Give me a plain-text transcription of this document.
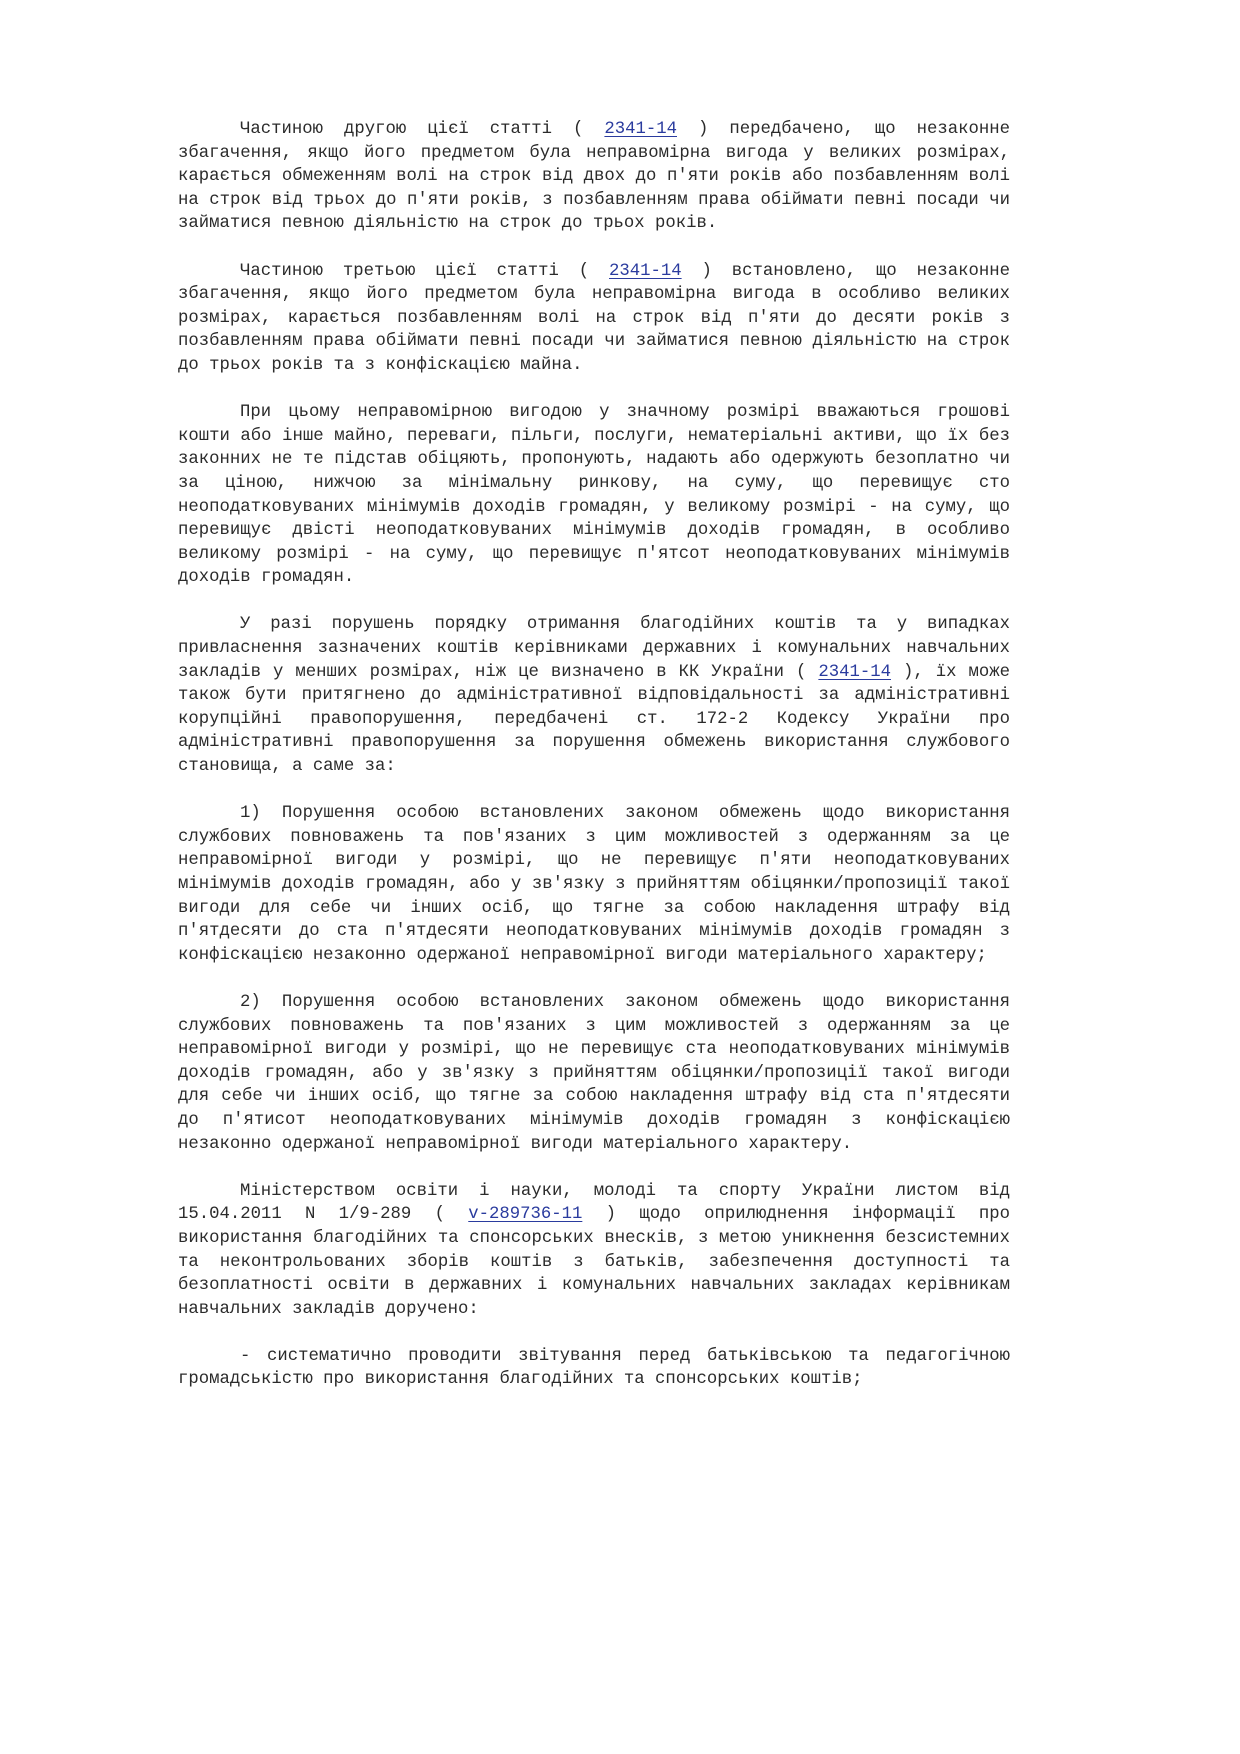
Частиною другою цієї статті ( 2341-14 ) передбачено, що незаконне збагачення, якщо його предметом була неправомірна вигода у великих розмірах, карається обмеженням волі на строк від двох до п'яти років або позбавленням волі на строк від трьох до п'яти років, з позбавленням права обіймати певні посади чи займатися певною діяльністю на строк до трьох років.

Частиною третьою цієї статті ( 2341-14 ) встановлено, що незаконне збагачення, якщо його предметом була неправомірна вигода в особливо великих розмірах, карається позбавленням волі на строк від п'яти до десяти років з позбавленням права обіймати певні посади чи займатися певною діяльністю на строк до трьох років та з конфіскацією майна.

При цьому неправомірною вигодою у значному розмірі вважаються грошові кошти або інше майно, переваги, пільги, послуги, нематеріальні активи, що їх без законних не те підстав обіцяють, пропонують, надають або одержують безоплатно чи за ціною, нижчою за мінімальну ринкову, на суму, що перевищує сто неоподатковуваних мінімумів доходів громадян, у великому розмірі - на суму, що перевищує двісті неоподатковуваних мінімумів доходів громадян, в особливо великому розмірі - на суму, що перевищує п'ятсот неоподатковуваних мінімумів доходів громадян.

У разі порушень порядку отримання благодійних коштів та у випадках привласнення зазначених коштів керівниками державних і комунальних навчальних закладів у менших розмірах, ніж це визначено в КК України ( 2341-14 ), їх може також бути притягнено до адміністративної відповідальності за адміністративні корупційні правопорушення, передбачені ст. 172-2 Кодексу України про адміністративні правопорушення за порушення обмежень використання службового становища, а саме за:

1) Порушення особою встановлених законом обмежень щодо використання службових повноважень та пов'язаних з цим можливостей з одержанням за це неправомірної вигоди у розмірі, що не перевищує п'яти неоподатковуваних мінімумів доходів громадян, або у зв'язку з прийняттям обіцянки/пропозиції такої вигоди для себе чи інших осіб, що тягне за собою накладення штрафу від п'ятдесяти до ста п'ятдесяти неоподатковуваних мінімумів доходів громадян з конфіскацією незаконно одержаної неправомірної вигоди матеріального характеру;

2) Порушення особою встановлених законом обмежень щодо використання службових повноважень та пов'язаних з цим можливостей з одержанням за це неправомірної вигоди у розмірі, що не перевищує ста неоподатковуваних мінімумів доходів громадян, або у зв'язку з прийняттям обіцянки/пропозиції такої вигоди для себе чи інших осіб, що тягне за собою накладення штрафу від ста п'ятдесяти до п'ятисот неоподатковуваних мінімумів доходів громадян з конфіскацією незаконно одержаної неправомірної вигоди матеріального характеру.

Міністерством освіти і науки, молоді та спорту України листом від 15.04.2011 N 1/9-289 ( v-289736-11 ) щодо оприлюднення інформації про використання благодійних та спонсорських внесків, з метою уникнення безсистемних та неконтрольованих зборів коштів з батьків, забезпечення доступності та безоплатності освіти в державних і комунальних навчальних закладах керівникам навчальних закладів доручено:

- систематично проводити звітування перед батьківською та педагогічною громадськістю про використання благодійних та спонсорських коштів;
